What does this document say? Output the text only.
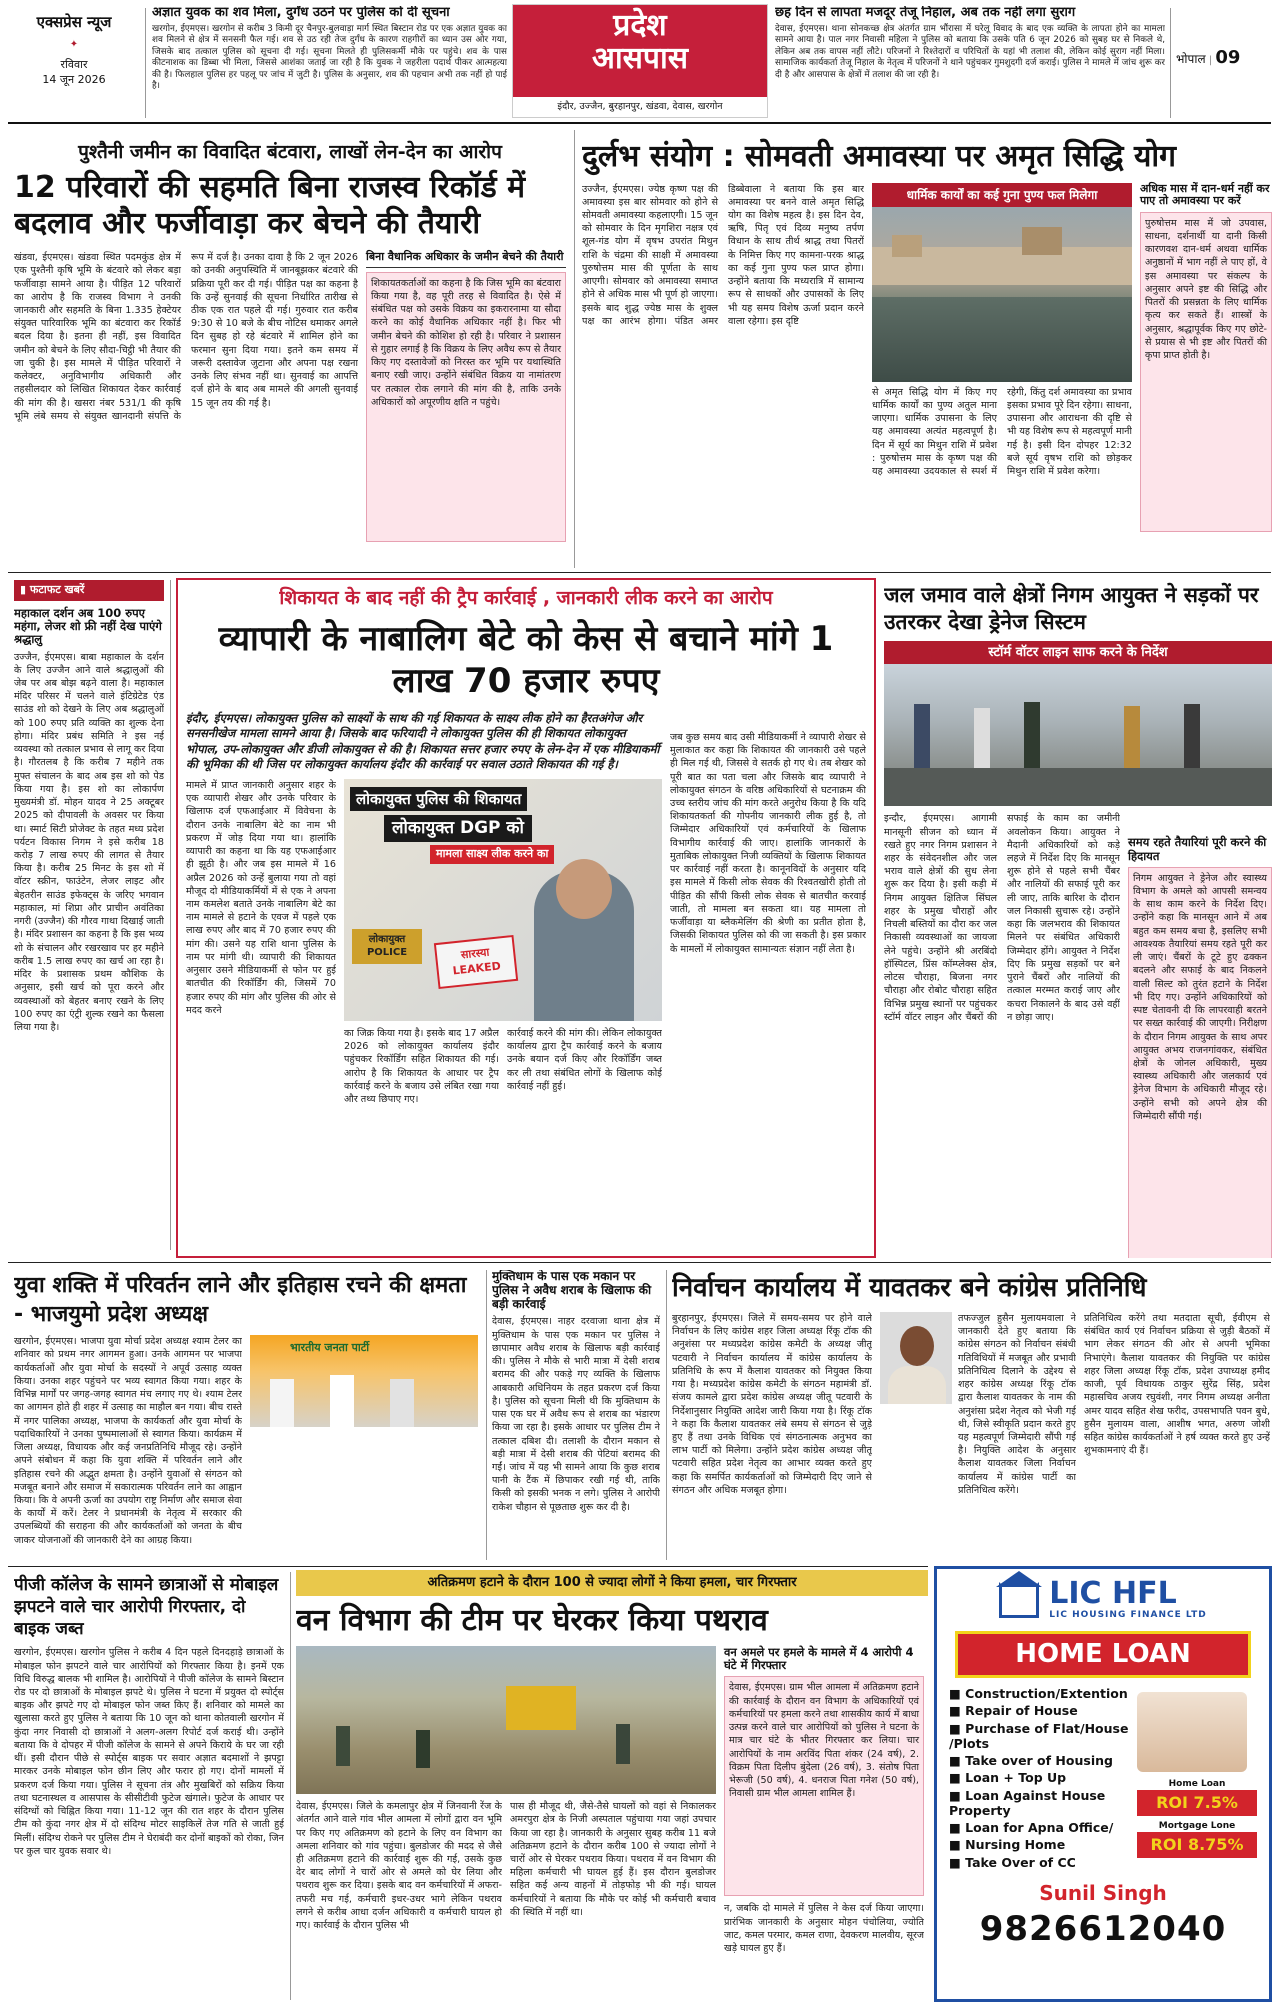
एक्सप्रेस न्यूज
✦
रविवार
14 जून 2026
अज्ञात युवक का शव मिला, दुर्गंध उठने पर पुलिस को दी सूचना
खरगोन, ईएमएस। खरगोन से करीब 3 किमी दूर चैनपुर-बुलवाड़ा मार्ग स्थित बिस्टान रोड पर एक अज्ञात युवक का शव मिलने से क्षेत्र में सनसनी फैल गई। शव से उठ रही तेज दुर्गंध के कारण राहगीरों का ध्यान उस ओर गया, जिसके बाद तत्काल पुलिस को सूचना दी गई। सूचना मिलते ही पुलिसकर्मी मौके पर पहुंचे। शव के पास कीटनाशक का डिब्बा भी मिला, जिससे आशंका जताई जा रही है कि युवक ने जहरीला पदार्थ पीकर आत्महत्या की है। फिलहाल पुलिस हर पहलू पर जांच में जुटी है। पुलिस के अनुसार, शव की पहचान अभी तक नहीं हो पाई है।
प्रदेश
आसपास
इंदौर, उज्जैन, बुरहानपुर, खंडवा, देवास, खरगोन
छह दिन से लापता मजदूर तेजू निहाल, अब तक नहीं लगा सुराग
देवास, ईएमएस। थाना सोनकच्छ क्षेत्र अंतर्गत ग्राम भौंरासा में घरेलू विवाद के बाद एक व्यक्ति के लापता होने का मामला सामने आया है। पाल नगर निवासी महिला ने पुलिस को बताया कि उसके पति 6 जून 2026 को सुबह घर से निकले थे, लेकिन अब तक वापस नहीं लौटे। परिजनों ने रिश्तेदारों व परिचितों के यहां भी तलाश की, लेकिन कोई सुराग नहीं मिला। सामाजिक कार्यकर्ता तेजू निहाल के नेतृत्व में परिजनों ने थाने पहुंचकर गुमशुदगी दर्ज कराई। पुलिस ने मामले में जांच शुरू कर दी है और आसपास के क्षेत्रों में तलाश की जा रही है।
भोपाल | 09
पुश्तैनी जमीन का विवादित बंटवारा, लाखों लेन-देन का आरोप
12 परिवारों की सहमति बिना राजस्व रिकॉर्ड में बदलाव और फर्जीवाड़ा कर बेचने की तैयारी
खंडवा, ईएमएस। खंडवा स्थित पदमकुंड क्षेत्र में एक पुश्तैनी कृषि भूमि के बंटवारे को लेकर बड़ा फर्जीवाड़ा सामने आया है। पीड़ित 12 परिवारों का आरोप है कि राजस्व विभाग ने उनकी जानकारी और सहमति के बिना 1.335 हेक्टेयर संयुक्त पारिवारिक भूमि का बंटवारा कर रिकॉर्ड बदल दिया है। इतना ही नहीं, इस विवादित जमीन को बेचने के लिए सौदा-चिट्ठी भी तैयार की जा चुकी है। इस मामले में पीड़ित परिवारों ने कलेक्टर, अनुविभागीय अधिकारी और तहसीलदार को लिखित शिकायत देकर कार्रवाई की मांग की है। खसरा नंबर 531/1 की कृषि भूमि लंबे समय से संयुक्त खानदानी संपत्ति के रूप में दर्ज है। उनका दावा है कि 2 जून 2026 को उनकी अनुपस्थिति में जानबूझकर बंटवारे की प्रक्रिया पूरी कर दी गई। पीड़ित पक्ष का कहना है कि उन्हें सुनवाई की सूचना निर्धारित तारीख से ठीक एक रात पहले दी गई। गुरुवार रात करीब 9:30 से 10 बजे के बीच नोटिस थमाकर अगले दिन सुबह हो रहे बंटवारे में शामिल होने का फरमान सुना दिया गया। इतने कम समय में जरूरी दस्तावेज जुटाना और अपना पक्ष रखना उनके लिए संभव नहीं था। सुनवाई का आपत्ति दर्ज होने के बाद अब मामले की अगली सुनवाई 15 जून तय की गई है।
बिना वैधानिक अधिकार के जमीन बेचने की तैयारी
शिकायतकर्ताओं का कहना है कि जिस भूमि का बंटवारा किया गया है, वह पूरी तरह से विवादित है। ऐसे में संबंधित पक्ष को उसके विक्रय का इकरारनामा या सौदा करने का कोई वैधानिक अधिकार नहीं है। फिर भी जमीन बेचने की कोशिश हो रही है। परिवार ने प्रशासन से गुहार लगाई है कि विक्रय के लिए अवैध रूप से तैयार किए गए दस्तावेजों को निरस्त कर भूमि पर यथास्थिति बनाए रखी जाए। उन्होंने संबंधित विक्रय या नामांतरण पर तत्काल रोक लगाने की मांग की है, ताकि उनके अधिकारों को अपूरणीय क्षति न पहुंचे।
दुर्लभ संयोग : सोमवती अमावस्या पर अमृत सिद्धि योग
उज्जैन, ईएमएस। ज्येष्ठ कृष्ण पक्ष की अमावस्या इस बार सोमवार को होने से सोमवती अमावस्या कहलाएगी। 15 जून को सोमवार के दिन मृगशिरा नक्षत्र एवं शूल-गंड योग में वृषभ उपरांत मिथुन राशि के चंद्रमा की साक्षी में अमावस्या पुरुषोत्तम मास की पूर्णता के साथ आएगी। सोमवार को अमावस्या समाप्त होने से अधिक मास भी पूर्ण हो जाएगा। इसके बाद शुद्ध ज्येष्ठ मास के शुक्ल पक्ष का आरंभ होगा। पंडित अमर डिब्बेवाला ने बताया कि इस बार अमावस्या पर बनने वाले अमृत सिद्धि योग का विशेष महत्व है। इस दिन देव, ऋषि, पितृ एवं दिव्य मनुष्य तर्पण विधान के साथ तीर्थ श्राद्ध तथा पितरों के निमित्त किए गए कामना-परक श्राद्ध का कई गुना पुण्य फल प्राप्त होगा। उन्होंने बताया कि मध्यरात्रि में सामान्य रूप से साधकों और उपासकों के लिए भी यह समय विशेष ऊर्जा प्रदान करने वाला रहेगा। इस दृष्टि
धार्मिक कार्यों का कई गुना पुण्य फल मिलेगा
से अमृत सिद्धि योग में किए गए धार्मिक कार्यों का पुण्य अतुल माना जाएगा। धार्मिक उपासना के लिए यह अमावस्या अत्यंत महत्वपूर्ण है। दिन में सूर्य का मिथुन राशि में प्रवेश : पुरुषोत्तम मास के कृष्ण पक्ष की यह अमावस्या उदयकाल से स्पर्श में रहेगी, किंतु दर्श अमावस्या का प्रभाव इसका प्रभाव पूरे दिन रहेगा। साधना, उपासना और आराधना की दृष्टि से भी यह विशेष रूप से महत्वपूर्ण मानी गई है। इसी दिन दोपहर 12:32 बजे सूर्य वृषभ राशि को छोड़कर मिथुन राशि में प्रवेश करेगा।
अधिक मास में दान-धर्म नहीं कर पाए तो अमावस्या पर करें
पुरुषोत्तम मास में जो उपवास, साधना, दर्शनार्थी या दानी किसी कारणवश दान-धर्म अथवा धार्मिक अनुष्ठानों में भाग नहीं ले पाए हों, वे इस अमावस्या पर संकल्प के अनुसार अपने इष्ट की सिद्धि और पितरों की प्रसन्नता के लिए धार्मिक कृत्य कर सकते हैं। शास्त्रों के अनुसार, श्रद्धापूर्वक किए गए छोटे-से प्रयास से भी इष्ट और पितरों की कृपा प्राप्त होती है।
▮ फटाफट खबरें
महाकाल दर्शन अब 100 रुपए महंगा, लेजर शो फ्री नहीं देख पाएंगे श्रद्धालु
उज्जैन, ईएमएस। बाबा महाकाल के दर्शन के लिए उज्जैन आने वाले श्रद्धालुओं की जेब पर अब बोझ बढ़ने वाला है। महाकाल मंदिर परिसर में चलने वाले इंटिग्रेटेड एंड साउंड शो को देखने के लिए अब श्रद्धालुओं को 100 रुपए प्रति व्यक्ति का शुल्क देना होगा। मंदिर प्रबंध समिति ने इस नई व्यवस्था को तत्काल प्रभाव से लागू कर दिया है। गौरतलब है कि करीब 7 महीने तक मुफ्त संचालन के बाद अब इस शो को पेड किया गया है। इस शो का लोकार्पण मुख्यमंत्री डॉ. मोहन यादव ने 25 अक्टूबर 2025 को दीपावली के अवसर पर किया था। स्मार्ट सिटी प्रोजेक्ट के तहत मध्य प्रदेश पर्यटन विकास निगम ने इसे करीब 18 करोड़ 7 लाख रुपए की लागत से तैयार किया है। करीब 25 मिनट के इस शो में वॉटर स्क्रीन, फाउंटेन, लेजर लाइट और बेहतरीन साउंड इफेक्ट्स के जरिए भगवान महाकाल, मां शिप्रा और प्राचीन अवंतिका नगरी (उज्जैन) की गौरव गाथा दिखाई जाती है। मंदिर प्रशासन का कहना है कि इस भव्य शो के संचालन और रखरखाव पर हर महीने करीब 1.5 लाख रुपए का खर्च आ रहा है। मंदिर के प्रशासक प्रथम कौशिक के अनुसार, इसी खर्च को पूरा करने और व्यवस्थाओं को बेहतर बनाए रखने के लिए 100 रुपए का एंट्री शुल्क रखने का फैसला लिया गया है।
शिकायत के बाद नहीं की ट्रैप कार्रवाई , जानकारी लीक करने का आरोप
व्यापारी के नाबालिग बेटे को केस से बचाने मांगे 1 लाख 70 हजार रुपए
इंदौर, ईएमएस। लोकायुक्त पुलिस को साक्ष्यों के साथ की गई शिकायत के साक्ष्य लीक होने का हैरतअंगेज और सनसनीखेज मामला सामने आया है। जिसके बाद फरियादी ने लोकायुक्त पुलिस की ही शिकायत लोकायुक्त भोपाल, उप-लोकायुक्त और डीजी लोकायुक्त से की है। शिकायत सत्तर हजार रुपए के लेन-देन में एक मीडियाकर्मी की भूमिका की थी जिस पर लोकायुक्त कार्यालय इंदौर की कार्रवाई पर सवाल उठाते शिकायत की गई है।
मामले में प्राप्त जानकारी अनुसार शहर के एक व्यापारी शेखर और उनके परिवार के खिलाफ दर्ज एफआईआर में विवेचना के दौरान उनके नाबालिग बेटे का नाम भी प्रकरण में जोड़ दिया गया था। हालांकि व्यापारी का कहना था कि यह एफआईआर ही झूठी है। और जब इस मामले में 16 अप्रैल 2026 को उन्हें बुलाया गया तो वहां मौजूद दो मीडियाकर्मियों में से एक ने अपना नाम कमलेश बताते उनके नाबालिग बेटे का नाम मामले से हटाने के एवज में पहले एक लाख रुपए और बाद में 70 हजार रुपए की मांग की। उसने यह राशि थाना पुलिस के नाम पर मांगी थी। व्यापारी की शिकायत अनुसार उसने मीडियाकर्मी से फोन पर हुई बातचीत की रिकॉर्डिंग की, जिसमें 70 हजार रुपए की मांग और पुलिस की ओर से मदद करने
लोकायुक्त पुलिस की शिकायत
लोकायुक्त DGP को
मामला साक्ष्य लीक करने का
लोकायुक्त POLICE	सारस्या LEAKED
का जिक्र किया गया है। इसके बाद 17 अप्रैल 2026 को लोकायुक्त कार्यालय इंदौर पहुंचकर रिकॉर्डिंग सहित शिकायत की गई। आरोप है कि शिकायत के आधार पर ट्रैप कार्रवाई करने के बजाय उसे लंबित रखा गया और तथ्य छिपाए गए।
कार्रवाई करने की मांग की। लेकिन लोकायुक्त कार्यालय द्वारा ट्रैप कार्रवाई करने के बजाय उनके बयान दर्ज किए और रिकॉर्डिंग जब्त कर ली तथा संबंधित लोगों के खिलाफ कोई कार्रवाई नहीं हुई।
जब कुछ समय बाद उसी मीडियाकर्मी ने व्यापारी शेखर से मुलाकात कर कहा कि शिकायत की जानकारी उसे पहले ही मिल गई थी, जिससे वे सतर्क हो गए थे। तब शेखर को पूरी बात का पता चला और जिसके बाद व्यापारी ने लोकायुक्त संगठन के वरिष्ठ अधिकारियों से घटनाक्रम की उच्च स्तरीय जांच की मांग करते अनुरोध किया है कि यदि शिकायतकर्ता की गोपनीय जानकारी लीक हुई है, तो जिम्मेदार अधिकारियों एवं कर्मचारियों के खिलाफ विभागीय कार्रवाई की जाए। हालांकि जानकारों के मुताबिक लोकायुक्त निजी व्यक्तियों के खिलाफ शिकायत पर कार्रवाई नहीं करता है। कानूनविदों के अनुसार यदि इस मामले में किसी लोक सेवक की रिश्वतखोरी होती तो पीड़ित की सौंपी किसी लोक सेवक से बातचीत करवाई जाती, तो मामला बन सकता था। यह मामला तो फर्जीवाड़ा या ब्लैकमेलिंग की श्रेणी का प्रतीत होता है, जिसकी शिकायत पुलिस को की जा सकती है। इस प्रकार के मामलों में लोकायुक्त सामान्यतः संज्ञान नहीं लेता है।
जल जमाव वाले क्षेत्रों निगम आयुक्त ने सड़कों पर उतरकर देखा ड्रेनेज सिस्टम
स्टॉर्म वॉटर लाइन साफ करने के निर्देश
इन्दौर, ईएमएस। आगामी मानसूनी सीजन को ध्यान में रखते हुए नगर निगम प्रशासन ने शहर के संवेदनशील और जल भराव वाले क्षेत्रों की सुध लेना शुरू कर दिया है। इसी कड़ी में निगम आयुक्त क्षितिज सिंघल शहर के प्रमुख चौराहों और निचली बस्तियों का दौरा कर जल निकासी व्यवस्थाओं का जायजा लेने पहुंचे। उन्होंने श्री अरबिंदो हॉस्पिटल, प्रिंस कॉम्प्लेक्स क्षेत्र, लोटस चौराहा, बिजना नगर चौराहा और रोबोट चौराहा सहित विभिन्न प्रमुख स्थानों पर पहुंचकर स्टॉर्म वॉटर लाइन और चैंबरों की सफाई के काम का जमीनी अवलोकन किया। आयुक्त ने मैदानी अधिकारियों को कड़े लहजे में निर्देश दिए कि मानसून शुरू होने से पहले सभी चैंबर और नालियों की सफाई पूरी कर ली जाए, ताकि बारिश के दौरान जल निकासी सुचारू रहे। उन्होंने कहा कि जलभराव की शिकायत मिलने पर संबंधित अधिकारी जिम्मेदार होंगे। आयुक्त ने निर्देश दिए कि प्रमुख सड़कों पर बने पुराने चैंबरों और नालियों की तत्काल मरम्मत कराई जाए और कचरा निकालने के बाद उसे वहीं न छोड़ा जाए।
समय रहते तैयारियां पूरी करने की हिदायत
निगम आयुक्त ने ड्रेनेज और स्वास्थ्य विभाग के अमले को आपसी समन्वय के साथ काम करने के निर्देश दिए। उन्होंने कहा कि मानसून आने में अब बहुत कम समय बचा है, इसलिए सभी आवश्यक तैयारियां समय रहते पूरी कर ली जाएं। चैंबरों के टूटे हुए ढक्कन बदलने और सफाई के बाद निकलने वाली सिल्ट को तुरंत हटाने के निर्देश भी दिए गए। उन्होंने अधिकारियों को स्पष्ट चेतावनी दी कि लापरवाही बरतने पर सख्त कार्रवाई की जाएगी। निरीक्षण के दौरान निगम आयुक्त के साथ अपर आयुक्त अभय राजनगांवकर, संबंधित क्षेत्रों के जोनल अधिकारी, मुख्य स्वास्थ्य अधिकारी और जलकार्य एवं ड्रेनेज विभाग के अधिकारी मौजूद रहे। उन्होंने सभी को अपने क्षेत्र की जिम्मेदारी सौंपी गई।
युवा शक्ति में परिवर्तन लाने और इतिहास रचने की क्षमता - भाजयुमो प्रदेश अध्यक्ष
खरगोन, ईएमएस। भाजपा युवा मोर्चा प्रदेश अध्यक्ष श्याम टेलर का शनिवार को प्रथम नगर आगमन हुआ। उनके आगमन पर भाजपा कार्यकर्ताओं और युवा मोर्चा के सदस्यों ने अपूर्व उत्साह व्यक्त किया। उनका शहर पहुंचने पर भव्य स्वागत किया गया। शहर के विभिन्न मार्गों पर जगह-जगह स्वागत मंच लगाए गए थे। श्याम टेलर का आगमन होते ही शहर में उत्साह का माहौल बन गया। बीच रास्ते में नगर पालिका अध्यक्ष, भाजपा के कार्यकर्ता और युवा मोर्चा के पदाधिकारियों ने उनका पुष्पमालाओं से स्वागत किया। कार्यक्रम में जिला अध्यक्ष, विधायक और कई जनप्रतिनिधि मौजूद रहे। उन्होंने अपने संबोधन में कहा कि युवा शक्ति में परिवर्तन लाने और इतिहास रचने की अद्भुत क्षमता है। उन्होंने युवाओं से संगठन को मजबूत बनाने और समाज में सकारात्मक परिवर्तन लाने का आह्वान किया। कि वे अपनी ऊर्जा का उपयोग राष्ट्र निर्माण और समाज सेवा के कार्यों में करें। टेलर ने प्रधानमंत्री के नेतृत्व में सरकार की उपलब्धियों की सराहना की और कार्यकर्ताओं को जनता के बीच जाकर योजनाओं की जानकारी देने का आग्रह किया।
भारतीय जनता पार्टी
मुक्तिधाम के पास एक मकान पर पुलिस ने अवैध शराब के खिलाफ की बड़ी कार्रवाई
देवास, ईएमएस। नाहर दरवाजा थाना क्षेत्र में मुक्तिधाम के पास एक मकान पर पुलिस ने छापामार अवैध शराब के खिलाफ बड़ी कार्रवाई की। पुलिस ने मौके से भारी मात्रा में देसी शराब बरामद की और पकड़े गए व्यक्ति के खिलाफ आबकारी अधिनियम के तहत प्रकरण दर्ज किया है। पुलिस को सूचना मिली थी कि मुक्तिधाम के पास एक घर में अवैध रूप से शराब का भंडारण किया जा रहा है। इसके आधार पर पुलिस टीम ने तत्काल दबिश दी। तलाशी के दौरान मकान से बड़ी मात्रा में देसी शराब की पेटियां बरामद की गईं। जांच में यह भी सामने आया कि कुछ शराब पानी के टैंक में छिपाकर रखी गई थी, ताकि किसी को इसकी भनक न लगे। पुलिस ने आरोपी राकेश चौहान से पूछताछ शुरू कर दी है।
निर्वाचन कार्यालय में यावतकर बने कांग्रेस प्रतिनिधि
बुरहानपुर, ईएमएस। जिले में समय-समय पर होने वाले निर्वाचन के लिए कांग्रेस शहर जिला अध्यक्ष रिंकू टॉक की अनुशंसा पर मध्यप्रदेश कांग्रेस कमेटी के अध्यक्ष जीतू पटवारी ने निर्वाचन कार्यालय में कांग्रेस कार्यालय के प्रतिनिधि के रूप में कैलाश यावतकर को नियुक्त किया गया है। मध्यप्रदेश कांग्रेस कमेटी के संगठन महामंत्री डॉ. संजय कामले द्वारा प्रदेश कांग्रेस अध्यक्ष जीतू पटवारी के निर्देशानुसार नियुक्ति आदेश जारी किया गया है। रिंकू टॉक ने कहा कि कैलाश यावतकर लंबे समय से संगठन से जुड़े हुए हैं तथा उनके विधिक एवं संगठनात्मक अनुभव का लाभ पार्टी को मिलेगा। उन्होंने प्रदेश कांग्रेस अध्यक्ष जीतू पटवारी सहित प्रदेश नेतृत्व का आभार व्यक्त करते हुए कहा कि समर्पित कार्यकर्ताओं को जिम्मेदारी दिए जाने से संगठन और अधिक मजबूत होगा।
तफज्जुल हुसैन मुलायमवाला ने जानकारी देते हुए बताया कि कांग्रेस संगठन को निर्वाचन संबंधी गतिविधियों में मजबूत और प्रभावी प्रतिनिधित्व दिलाने के उद्देश्य से शहर कांग्रेस अध्यक्ष रिंकू टॉक द्वारा कैलाश यावतकर के नाम की अनुशंसा प्रदेश नेतृत्व को भेजी गई थी, जिसे स्वीकृति प्रदान करते हुए यह महत्वपूर्ण जिम्मेदारी सौंपी गई है। नियुक्ति आदेश के अनुसार कैलाश यावतकर जिला निर्वाचन कार्यालय में कांग्रेस पार्टी का प्रतिनिधित्व करेंगे।
प्रतिनिधित्व करेंगे तथा मतदाता सूची, ईवीएम से संबंधित कार्य एवं निर्वाचन प्रक्रिया से जुड़ी बैठकों में भाग लेकर संगठन की ओर से अपनी भूमिका निभाएंगे। कैलाश यावतकर की नियुक्ति पर कांग्रेस शहर जिला अध्यक्ष रिंकू टॉक, प्रदेश उपाध्यक्ष हमीद काजी, पूर्व विधायक ठाकुर सुरेंद्र सिंह, प्रदेश महासचिव अजय रघुवंशी, नगर निगम अध्यक्ष अनीता अमर यादव सहित शेख फरीद, उपसभापति पवन बुधे, हुसैन मुलायम वाला, आशीष भगत, अरुण जोशी सहित कांग्रेस कार्यकर्ताओं ने हर्ष व्यक्त करते हुए उन्हें शुभकामनाएं दी हैं।
पीजी कॉलेज के सामने छात्राओं से मोबाइल झपटने वाले चार आरोपी गिरफ्तार, दो बाइक जब्त
खरगोन, ईएमएस। खरगोन पुलिस ने करीब 4 दिन पहले दिनदहाड़े छात्राओं के मोबाइल फोन झपटने वाले चार आरोपियों को गिरफ्तार किया है। इनमें एक विधि विरुद्ध बालक भी शामिल है। आरोपियों ने पीजी कॉलेज के सामने बिस्टान रोड पर दो छात्राओं के मोबाइल झपटे थे। पुलिस ने घटना में प्रयुक्त दो स्पोर्ट्स बाइक और झपटे गए दो मोबाइल फोन जब्त किए हैं। शनिवार को मामले का खुलासा करते हुए पुलिस ने बताया कि 10 जून को थाना कोतवाली खरगोन में कुंदा नगर निवासी दो छात्राओं ने अलग-अलग रिपोर्ट दर्ज कराई थी। उन्होंने बताया कि वे दोपहर में पीजी कॉलेज के सामने से अपने किराये के घर जा रही थीं। इसी दौरान पीछे से स्पोर्ट्स बाइक पर सवार अज्ञात बदमाशों ने झपट्टा मारकर उनके मोबाइल फोन छीन लिए और फरार हो गए। दोनों मामलों में प्रकरण दर्ज किया गया। पुलिस ने सूचना तंत्र और मुखबिरों को सक्रिय किया तथा घटनास्थल व आसपास के सीसीटीवी फुटेज खंगाले। फुटेज के आधार पर संदिग्धों को चिह्नित किया गया। 11-12 जून की रात शहर के दौरान पुलिस टीम को कुंदा नगर क्षेत्र में दो संदिग्ध मोटर साइकिलें तेज गति से जाती हुई मिलीं। संदिग्ध रोकने पर पुलिस टीम ने घेराबंदी कर दोनों बाइकों को रोका, जिन पर कुल चार युवक सवार थे।
अतिक्रमण हटाने के दौरान 100 से ज्यादा लोगों ने किया हमला, चार गिरफ्तार
वन विभाग की टीम पर घेरकर किया पथराव
देवास, ईएमएस। जिले के कमलापुर क्षेत्र में जिनवानी रेंज के अंतर्गत आने वाले गांव भील आमला में लोगों द्वारा वन भूमि पर किए गए अतिक्रमण को हटाने के लिए वन विभाग का अमला शनिवार को गांव पहुंचा। बुलडोजर की मदद से जैसे ही अतिक्रमण हटाने की कार्रवाई शुरू की गई, उसके कुछ देर बाद लोगों ने चारों ओर से अमले को घेर लिया और पथराव शुरू कर दिया। इसके बाद वन कर्मचारियों में अफरा-तफरी मच गई, कर्मचारी इधर-उधर भागे लेकिन पथराव लगने से करीब आधा दर्जन अधिकारी व कर्मचारी घायल हो गए। कार्रवाई के दौरान पुलिस भी
पास ही मौजूद थी, जैसे-तैसे घायलों को वहां से निकालकर अमरपुरा क्षेत्र के निजी अस्पताल पहुंचाया गया जहां उपचार किया जा रहा है। जानकारी के अनुसार सुबह करीब 11 बजे अतिक्रमण हटाने के दौरान करीब 100 से ज्यादा लोगों ने चारों ओर से घेरकर पथराव किया। पथराव में वन विभाग की महिला कर्मचारी भी घायल हुई हैं। इस दौरान बुलडोजर सहित कई अन्य वाहनों में तोड़फोड़ भी की गई। घायल कर्मचारियों ने बताया कि मौके पर कोई भी कर्मचारी बचाव की स्थिति में नहीं था।
वन अमले पर हमले के मामले में 4 आरोपी 4 घंटे में गिरफ्तार
देवास, ईएमएस। ग्राम भील आमला में अतिक्रमण हटाने की कार्रवाई के दौरान वन विभाग के अधिकारियों एवं कर्मचारियों पर हमला करने तथा शासकीय कार्य में बाधा उत्पन्न करने वाले चार आरोपियों को पुलिस ने घटना के मात्र चार घंटे के भीतर गिरफ्तार कर लिया। चार आरोपियों के नाम अरविंद पिता शंकर (24 वर्ष), 2. विक्रम पिता दिलीप बुंदेला (26 वर्ष), 3. संतोष पिता भेरूजी (50 वर्ष), 4. धनराज पिता गनेश (50 वर्ष), निवासी ग्राम भील आमला शामिल हैं।
न, जबकि दो मामले में पुलिस ने केस दर्ज किया जाएगा। प्रारंभिक जानकारी के अनुसार मोहन पंचोलिया, ज्योति जाट, कमल परमार, कमल राणा, देवकरण मालवीय, सूरज खड़े घायल हुए हैं।
LIC HFL
LIC HOUSING FINANCE LTD
HOME LOAN
■ Construction/Extention
■ Repair of House
■ Purchase of Flat/House /Plots
■ Take over of Housing
■ Loan + Top Up
■ Loan Against House Property
■ Loan for Apna Office/
■ Nursing Home
■ Take Over of CC
Home Loan
ROI 7.5%
Mortgage Lone
ROI 8.75%
Sunil Singh
9826612040
